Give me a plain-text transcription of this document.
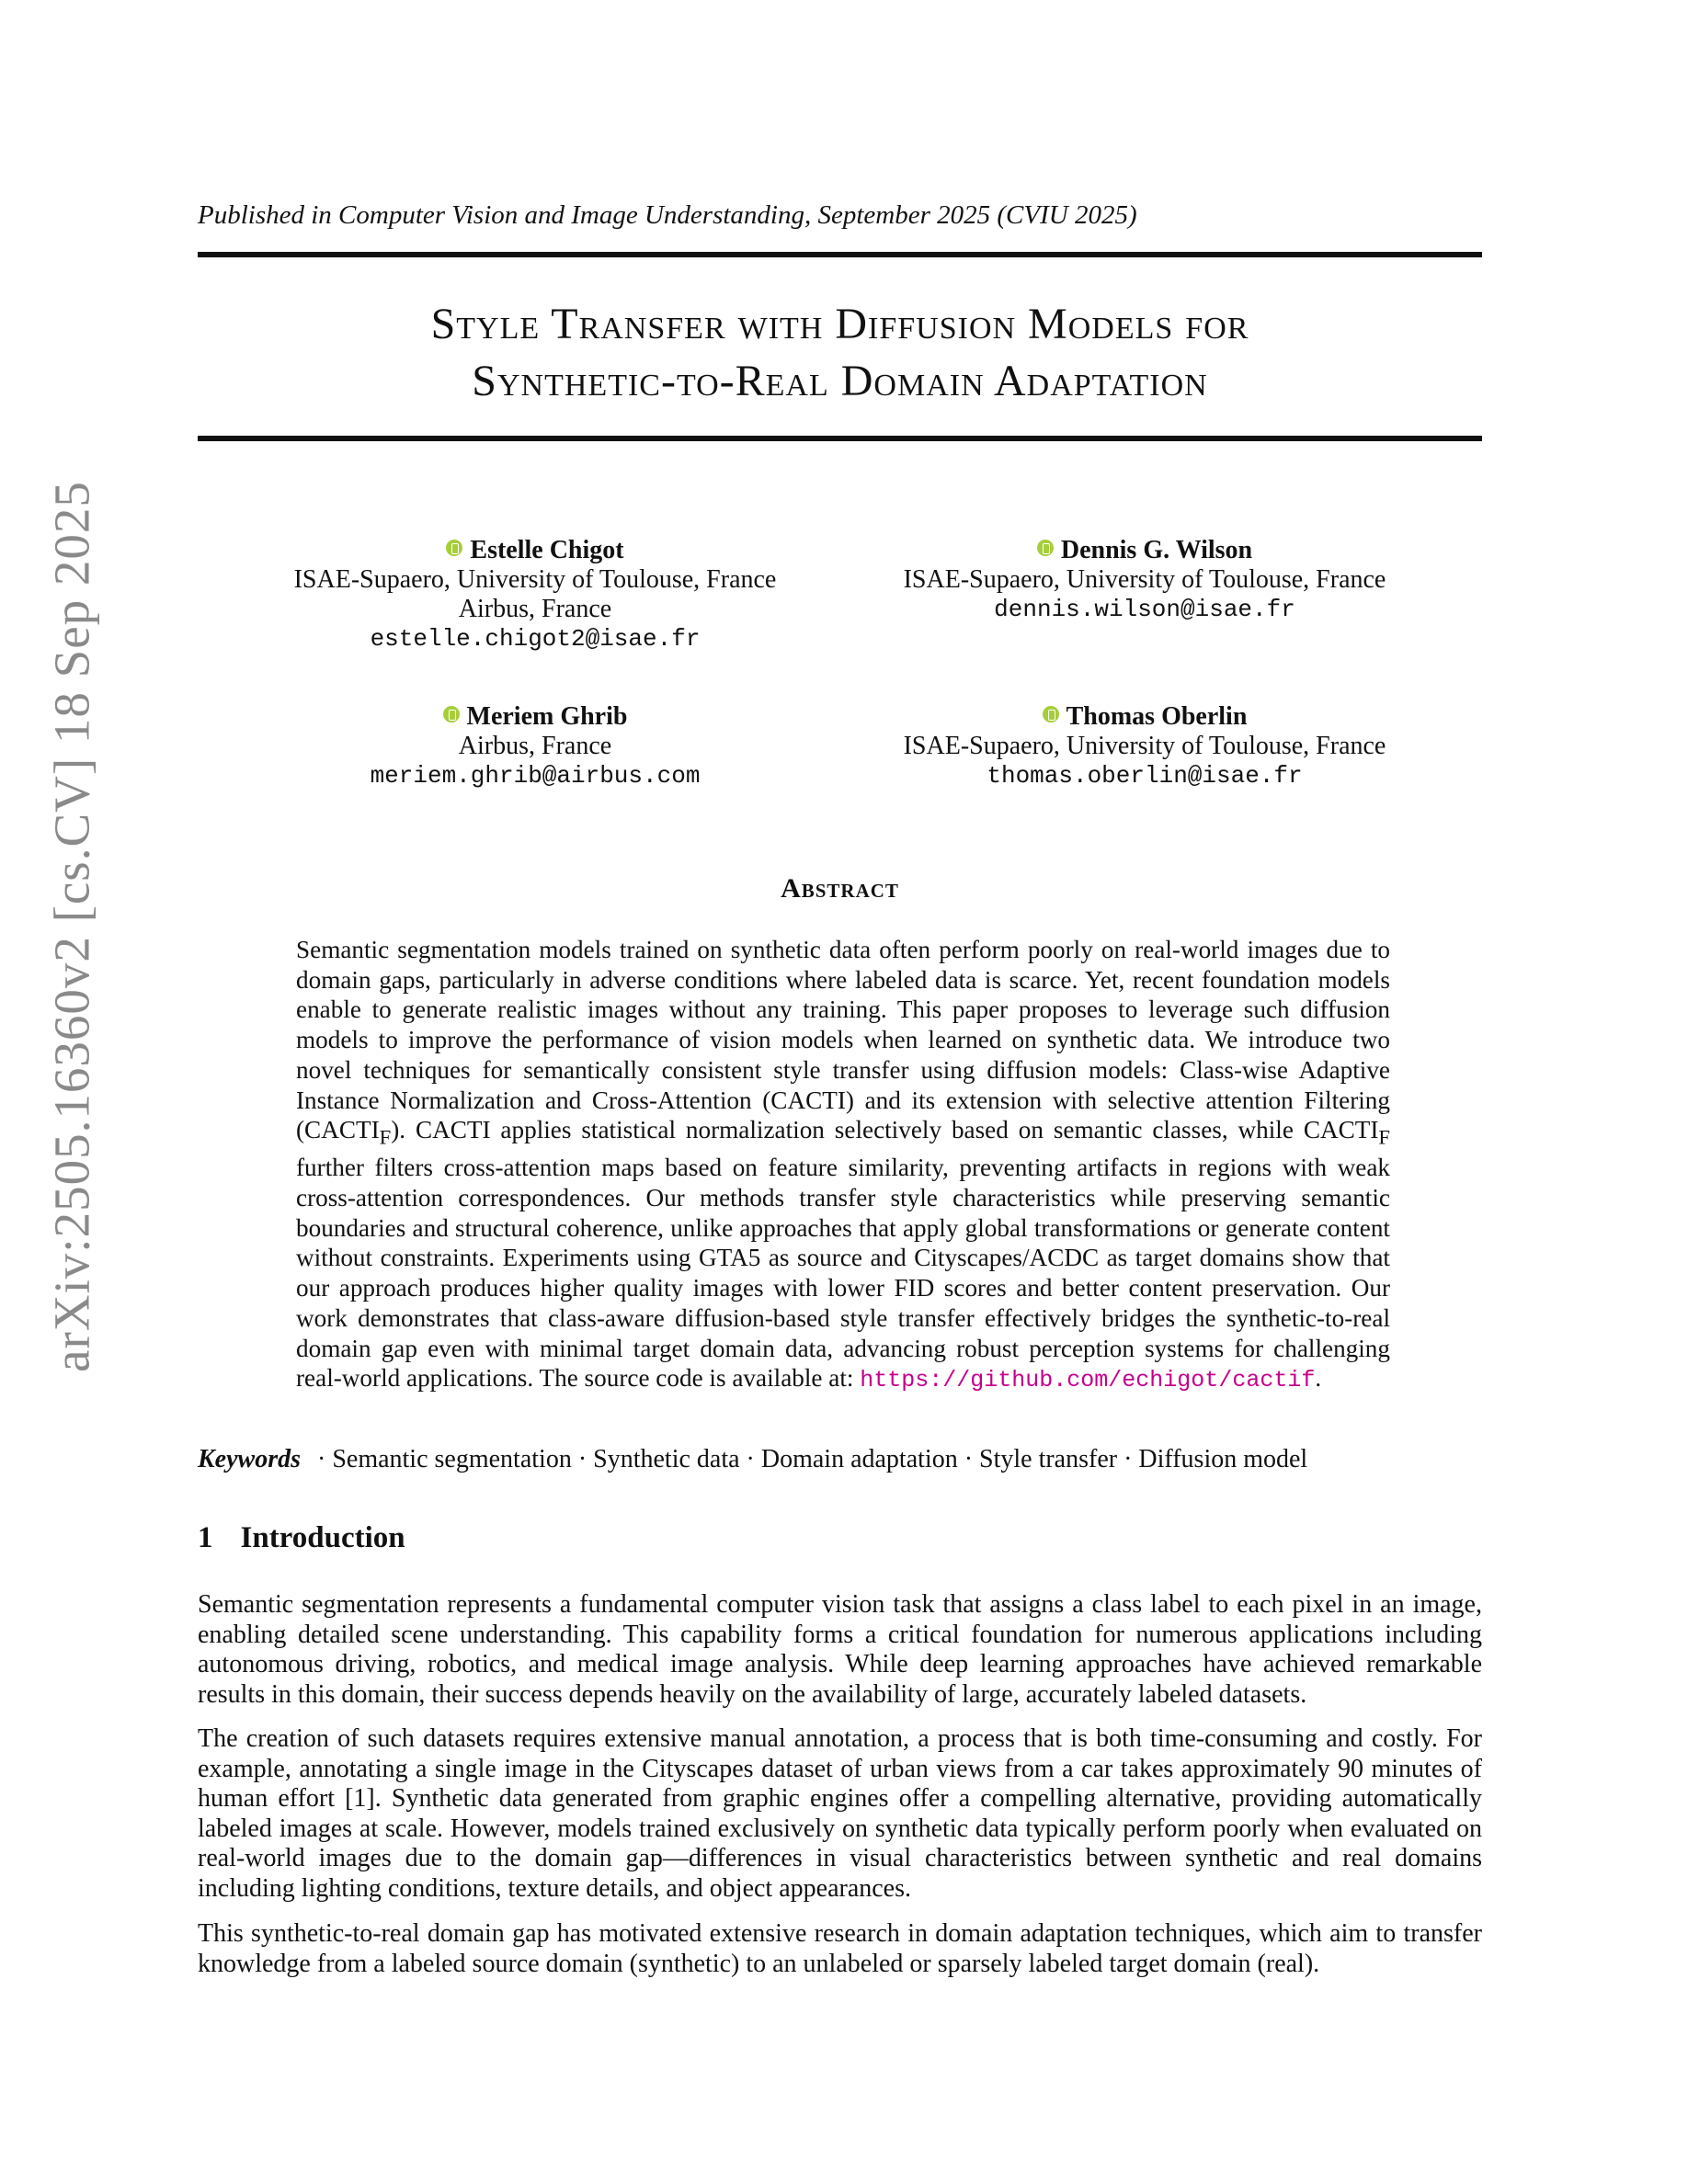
arXiv:2505.16360v2 [cs.CV] 18 Sep 2025
Published in Computer Vision and Image Understanding, September 2025 (CVIU 2025)
Style Transfer with Diffusion Models for
Synthetic-to-Real Domain Adaptation
Estelle Chigot
ISAE-Supaero, University of Toulouse, France
Airbus, France
estelle.chigot2@isae.fr
Dennis G. Wilson
ISAE-Supaero, University of Toulouse, France
dennis.wilson@isae.fr
Meriem Ghrib
Airbus, France
meriem.ghrib@airbus.com
Thomas Oberlin
ISAE-Supaero, University of Toulouse, France
thomas.oberlin@isae.fr
Abstract
Semantic segmentation models trained on synthetic data often perform poorly on real-world images due to domain gaps, particularly in adverse conditions where labeled data is scarce. Yet, recent foundation models enable to generate realistic images without any training. This paper proposes to leverage such diffusion models to improve the performance of vision models when learned on synthetic data. We introduce two novel techniques for semantically consistent style transfer using diffusion models: Class-wise Adaptive Instance Normalization and Cross-Attention (CACTI) and its extension with selective attention Filtering $(CACTI_F)$. CACTI applies statistical normalization selectively based on semantic classes, while $CACTI_F$ further filters cross-attention maps based on feature similarity, preventing artifacts in regions with weak cross-attention correspondences. Our methods transfer style characteristics while preserving semantic boundaries and structural coherence, unlike approaches that apply global transformations or generate content without constraints. Experiments using GTA5 as source and Cityscapes/ACDC as target domains show that our approach produces higher quality images with lower FID scores and better content preservation. Our work demonstrates that class-aware diffusion-based style transfer effectively bridges the synthetic-to-real domain gap even with minimal target domain data, advancing robust perception systems for challenging real-world applications. The source code is available at: https://github.com/echigot/cactif.
Keywords · Semantic segmentation · Synthetic data · Domain adaptation · Style transfer · Diffusion model
1 Introduction
Semantic segmentation represents a fundamental computer vision task that assigns a class label to each pixel in an image, enabling detailed scene understanding. This capability forms a critical foundation for numerous applications including autonomous driving, robotics, and medical image analysis. While deep learning approaches have achieved remarkable results in this domain, their success depends heavily on the availability of large, accurately labeled datasets.
The creation of such datasets requires extensive manual annotation, a process that is both time-consuming and costly. For example, annotating a single image in the Cityscapes dataset of urban views from a car takes approximately 90 minutes of human effort [1]. Synthetic data generated from graphic engines offer a compelling alternative, providing automatically labeled images at scale. However, models trained exclusively on synthetic data typically perform poorly when evaluated on real-world images due to the domain gap—differences in visual characteristics between synthetic and real domains including lighting conditions, texture details, and object appearances.
This synthetic-to-real domain gap has motivated extensive research in domain adaptation techniques, which aim to transfer knowledge from a labeled source domain (synthetic) to an unlabeled or sparsely labeled target domain (real).
